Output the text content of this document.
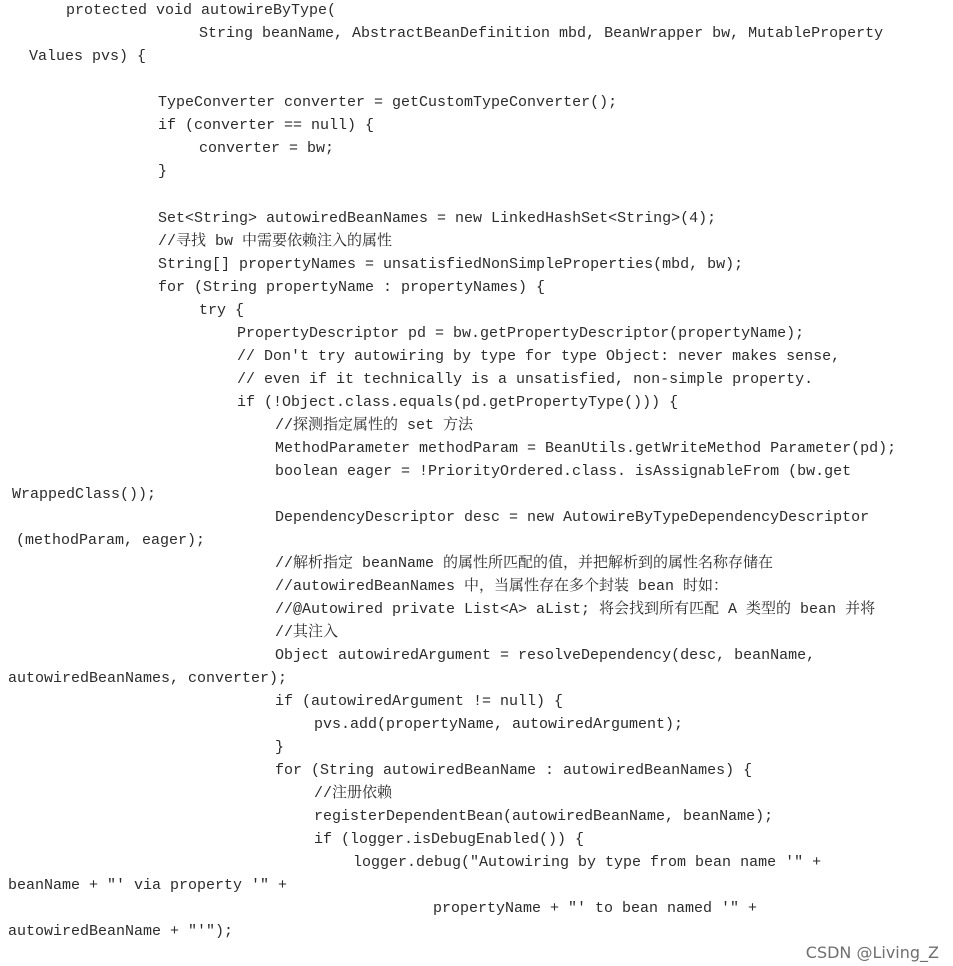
protected void autowireByType(
String beanName, AbstractBeanDefinition mbd, BeanWrapper bw, MutableProperty
Values pvs) {
TypeConverter converter = getCustomTypeConverter();
if (converter == null) {
converter = bw;
}
Set<String> autowiredBeanNames = new LinkedHashSet<String>(4);
//寻找 bw 中需要依赖注入的属性
String[] propertyNames = unsatisfiedNonSimpleProperties(mbd, bw);
for (String propertyName : propertyNames) {
try {
PropertyDescriptor pd = bw.getPropertyDescriptor(propertyName);
// Don't try autowiring by type for type Object: never makes sense,
// even if it technically is a unsatisfied, non-simple property.
if (!Object.class.equals(pd.getPropertyType())) {
//探测指定属性的 set 方法
MethodParameter methodParam = BeanUtils.getWriteMethod Parameter(pd);
boolean eager = !PriorityOrdered.class. isAssignableFrom (bw.get
WrappedClass());
DependencyDescriptor desc = new AutowireByTypeDependencyDescriptor
(methodParam, eager);
//解析指定 beanName 的属性所匹配的值，并把解析到的属性名称存储在
//autowiredBeanNames 中，当属性存在多个封装 bean 时如：
//@Autowired private List<A> aList; 将会找到所有匹配 A 类型的 bean 并将
//其注入
Object autowiredArgument = resolveDependency(desc, beanName,
autowiredBeanNames, converter);
if (autowiredArgument != null) {
pvs.add(propertyName, autowiredArgument);
}
for (String autowiredBeanName : autowiredBeanNames) {
//注册依赖
registerDependentBean(autowiredBeanName, beanName);
if (logger.isDebugEnabled()) {
logger.debug("Autowiring by type from bean name '" +
beanName + "' via property '" +
propertyName + "' to bean named '" +
autowiredBeanName + "'");
CSDN @Living_Z
